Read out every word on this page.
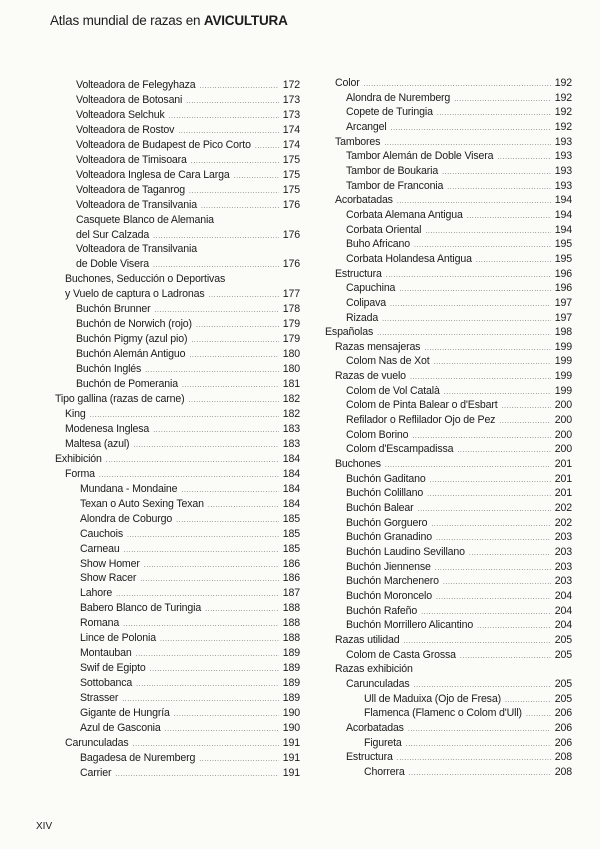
Atlas mundial de razas en AVICULTURA
Volteadora de Felegyhaza .....	172
Volteadora de Botosani .....	173
Volteadora Selchuk .....	173
Volteadora de Rostov .....	174
Volteadora de Budapest de Pico Corto .....	174
Volteadora de Timisoara .....	175
Volteadora Inglesa de Cara Larga .....	175
Volteadora de Taganrog .....	175
Volteadora de Transilvania .....	176
Casquete Blanco de Alemania
del Sur Calzada .....	176
Volteadora de Transilvania
de Doble Visera .....	176
Buchones, Seducción o Deportivas
y Vuelo de captura o Ladronas .....	177
Buchón Brunner .....	178
Buchón de Norwich (rojo) .....	179
Buchón Pigmy (azul pio) .....	179
Buchón Alemán Antiguo .....	180
Buchón Inglés .....	180
Buchón de Pomerania .....	181
Tipo gallina (razas de carne) .....	182
King .....	182
Modenesa Inglesa .....	183
Maltesa (azul) .....	183
Exhibición .....	184
Forma .....	184
Mundana - Mondaine .....	184
Texan o Auto Sexing Texan .....	184
Alondra de Coburgo .....	185
Cauchois .....	185
Carneau .....	185
Show Homer .....	186
Show Racer .....	186
Lahore .....	187
Babero Blanco de Turingia .....	188
Romana .....	188
Lince de Polonia .....	188
Montauban .....	189
Swif de Egipto .....	189
Sottobanca .....	189
Strasser .....	189
Gigante de Hungría .....	190
Azul de Gasconia .....	190
Carunculadas .....	191
Bagadesa de Nuremberg .....	191
Carrier .....	191
Color .....	192
Alondra de Nuremberg .....	192
Copete de Turingia .....	192
Arcangel .....	192
Tambores .....	193
Tambor Alemán de Doble Visera .....	193
Tambor de Boukaria .....	193
Tambor de Franconia .....	193
Acorbatadas .....	194
Corbata Alemana Antigua .....	194
Corbata Oriental .....	194
Buho Africano .....	195
Corbata Holandesa Antigua .....	195
Estructura .....	196
Capuchina .....	196
Colipava .....	197
Rizada .....	197
Españolas .....	198
Razas mensajeras .....	199
Colom Nas de Xot .....	199
Razas de vuelo .....	199
Colom de Vol Català .....	199
Colom de Pinta Balear o d'Esbart .....	200
Refilador o Reflilador Ojo de Pez .....	200
Colom Borino .....	200
Colom d'Escampadissa .....	200
Buchones .....	201
Buchón Gaditano .....	201
Buchón Colillano .....	201
Buchón Balear .....	202
Buchón Gorguero .....	202
Buchón Granadino .....	203
Buchón Laudino Sevillano .....	203
Buchón Jiennense .....	203
Buchón Marchenero .....	203
Buchón Moroncelo .....	204
Buchón Rafeño .....	204
Buchón Morrillero Alicantino .....	204
Razas utilidad .....	205
Colom de Casta Grossa .....	205
Razas exhibición
Carunculadas .....	205
Ull de Maduixa (Ojo de Fresa) .....	205
Flamenca (Flamenc o Colom d'Ull) .....	206
Acorbatadas .....	206
Figureta .....	206
Estructura .....	208
Chorrera .....	208
XIV
